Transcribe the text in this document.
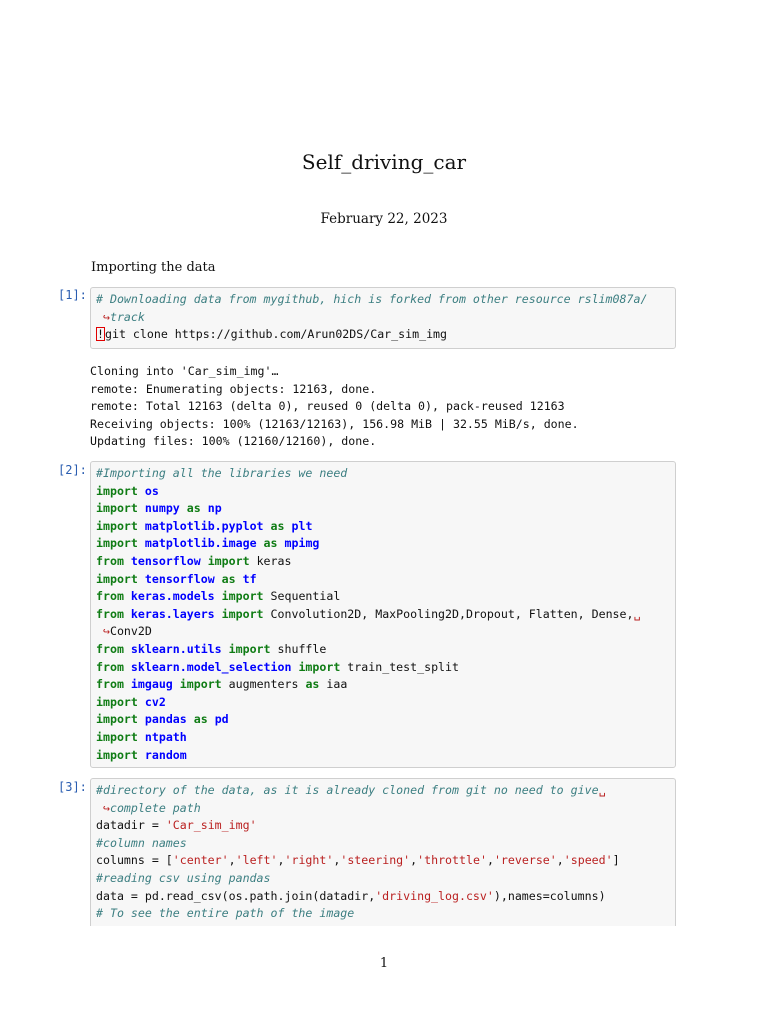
Self_driving_car
February 22, 2023
Importing the data
[1]: # Downloading data from mygithub, hich is forked from other resource rslim087a/
↪track
!git clone https://github.com/Arun02DS/Car_sim_img
Cloning into 'Car_sim_img'…
remote: Enumerating objects: 12163, done.
remote: Total 12163 (delta 0), reused 0 (delta 0), pack-reused 12163
Receiving objects: 100% (12163/12163), 156.98 MiB | 32.55 MiB/s, done.
Updating files: 100% (12160/12160), done.
[2]: #Importing all the libraries we need
import os
import numpy as np
import matplotlib.pyplot as plt
import matplotlib.image as mpimg
from tensorflow import keras
import tensorflow as tf
from keras.models import Sequential
from keras.layers import Convolution2D, MaxPooling2D,Dropout, Flatten, Dense,␣
↪Conv2D
from sklearn.utils import shuffle
from sklearn.model_selection import train_test_split
from imgaug import augmenters as iaa
import cv2
import pandas as pd
import ntpath
import random
[3]: #directory of the data, as it is already cloned from git no need to give␣
↪complete path
datadir = 'Car_sim_img'
#column names
columns = ['center','left','right','steering','throttle','reverse','speed']
#reading csv using pandas
data = pd.read_csv(os.path.join(datadir,'driving_log.csv'),names=columns)
# To see the entire path of the image
1
